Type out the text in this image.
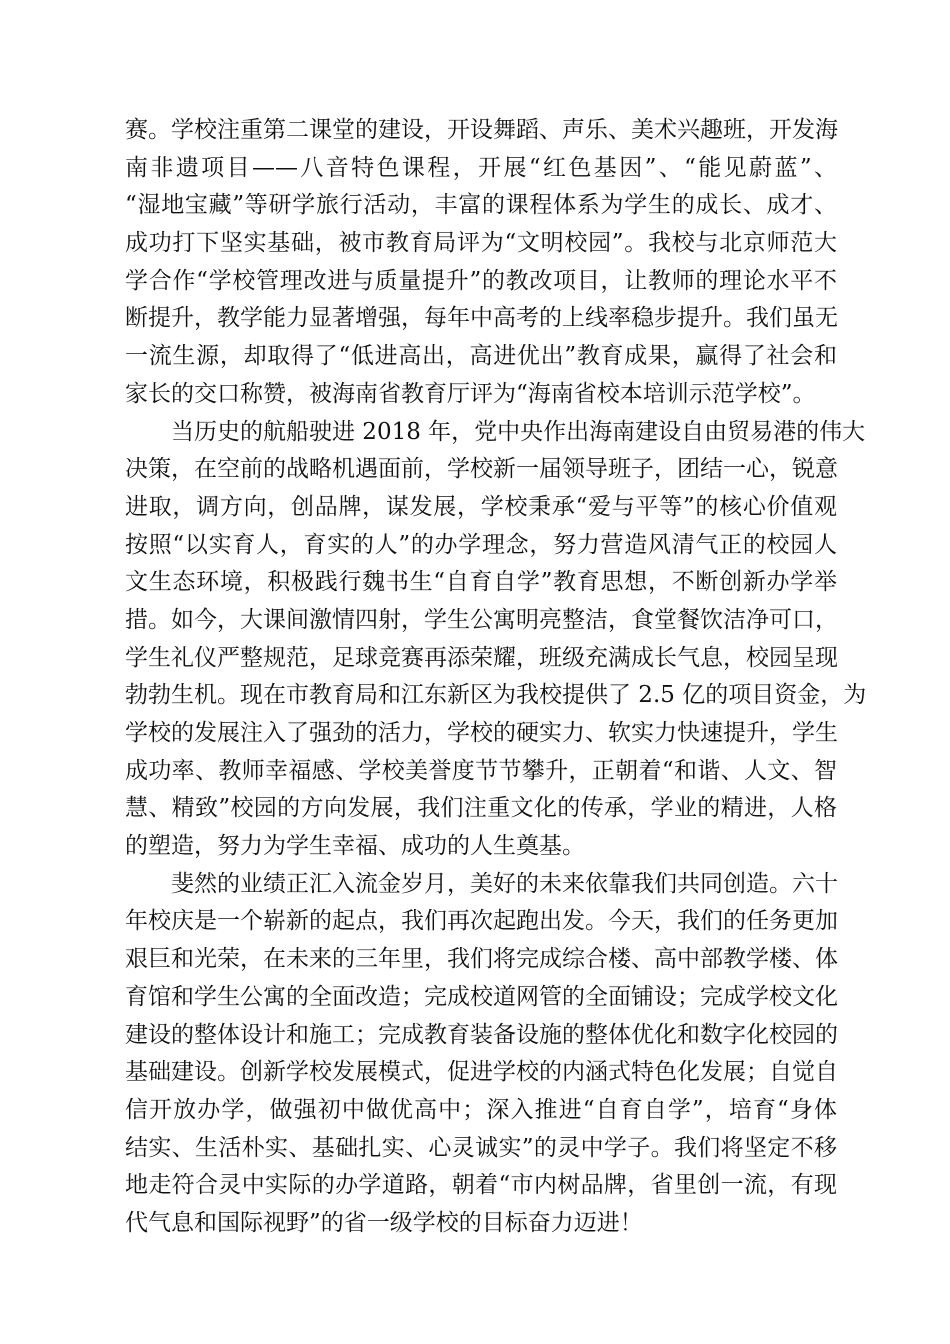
赛。学校注重第二课堂的建设，开设舞蹈、声乐、美术兴趣班，开发海
南非遗项目——八音特色课程，开展“红色基因”、“能见蔚蓝”、
“湿地宝藏”等研学旅行活动，丰富的课程体系为学生的成长、成才、
成功打下坚实基础，被市教育局评为“文明校园”。我校与北京师范大
学合作“学校管理改进与质量提升”的教改项目，让教师的理论水平不
断提升，教学能力显著增强，每年中高考的上线率稳步提升。我们虽无
一流生源，却取得了“低进高出，高进优出”教育成果，赢得了社会和
家长的交口称赞，被海南省教育厅评为“海南省校本培训示范学校”。
当历史的航船驶进 2018 年，党中央作出海南建设自由贸易港的伟大
决策，在空前的战略机遇面前，学校新一届领导班子，团结一心，锐意
进取，调方向，创品牌，谋发展，学校秉承“爱与平等”的核心价值观
按照“以实育人，育实的人”的办学理念，努力营造风清气正的校园人
文生态环境，积极践行魏书生“自育自学”教育思想，不断创新办学举
措。如今，大课间激情四射，学生公寓明亮整洁，食堂餐饮洁净可口，
学生礼仪严整规范，足球竞赛再添荣耀，班级充满成长气息，校园呈现
勃勃生机。现在市教育局和江东新区为我校提供了 2.5 亿的项目资金，为
学校的发展注入了强劲的活力，学校的硬实力、软实力快速提升，学生
成功率、教师幸福感、学校美誉度节节攀升，正朝着“和谐、人文、智
慧、精致”校园的方向发展，我们注重文化的传承，学业的精进，人格
的塑造，努力为学生幸福、成功的人生奠基。
斐然的业绩正汇入流金岁月，美好的未来依靠我们共同创造。六十
年校庆是一个崭新的起点，我们再次起跑出发。今天，我们的任务更加
艰巨和光荣，在未来的三年里，我们将完成综合楼、高中部教学楼、体
育馆和学生公寓的全面改造；完成校道网管的全面铺设；完成学校文化
建设的整体设计和施工；完成教育装备设施的整体优化和数字化校园的
基础建设。创新学校发展模式，促进学校的内涵式特色化发展；自觉自
信开放办学，做强初中做优高中；深入推进“自育自学”，培育“身体
结实、生活朴实、基础扎实、心灵诚实”的灵中学子。我们将坚定不移
地走符合灵中实际的办学道路，朝着“市内树品牌，省里创一流，有现
代气息和国际视野”的省一级学校的目标奋力迈进！
